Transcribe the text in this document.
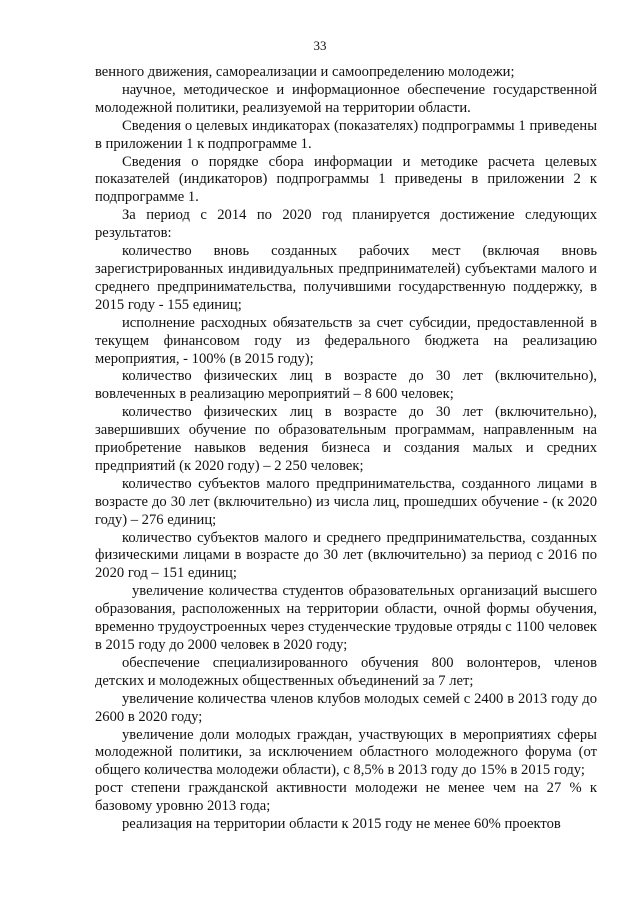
33

венного движения, самореализации и самоопределению молодежи;

научное, методическое и информационное обеспечение государственной молодежной политики, реализуемой на территории области.

Сведения о целевых индикаторах (показателях) подпрограммы 1 приведены в приложении 1 к подпрограмме 1.

Сведения о порядке сбора информации и методике расчета целевых показателей (индикаторов) подпрограммы 1 приведены в приложении 2 к подпрограмме 1.

За период с 2014 по 2020 год планируется достижение следующих результатов:

количество вновь созданных рабочих мест (включая вновь зарегистрированных индивидуальных предпринимателей) субъектами малого и среднего предпринимательства, получившими государственную поддержку, в 2015 году - 155 единиц;

исполнение расходных обязательств за счет субсидии, предоставленной в текущем финансовом году из федерального бюджета на реализацию мероприятия, - 100% (в 2015 году);

количество физических лиц в возрасте до 30 лет (включительно), вовлеченных в реализацию мероприятий – 8 600 человек;

количество физических лиц в возрасте до 30 лет (включительно), завершивших обучение по образовательным программам, направленным на приобретение навыков ведения бизнеса и создания малых и средних предприятий (к 2020 году) – 2 250 человек;

количество субъектов малого предпринимательства, созданного лицами в возрасте до 30 лет (включительно) из числа лиц, прошедших обучение - (к 2020 году) – 276 единиц;

количество субъектов малого и среднего предпринимательства, созданных физическими лицами в возрасте до 30 лет (включительно) за период с 2016 по 2020 год – 151 единиц;

увеличение количества студентов образовательных организаций высшего образования, расположенных на территории области, очной формы обучения, временно трудоустроенных через студенческие трудовые отряды с 1100 человек в 2015 году до 2000 человек в 2020 году;

обеспечение специализированного обучения 800 волонтеров, членов детских и молодежных общественных объединений за 7 лет;

увеличение количества членов клубов молодых семей с 2400 в 2013 году до 2600 в 2020 году;

увеличение доли молодых граждан, участвующих в мероприятиях сферы молодежной политики, за исключением областного молодежного форума (от общего количества молодежи области), с 8,5% в 2013 году до 15% в 2015 году;

рост степени гражданской активности молодежи не менее чем на 27 % к базовому уровню 2013 года;

реализация на территории области к 2015 году не менее 60% проектов
